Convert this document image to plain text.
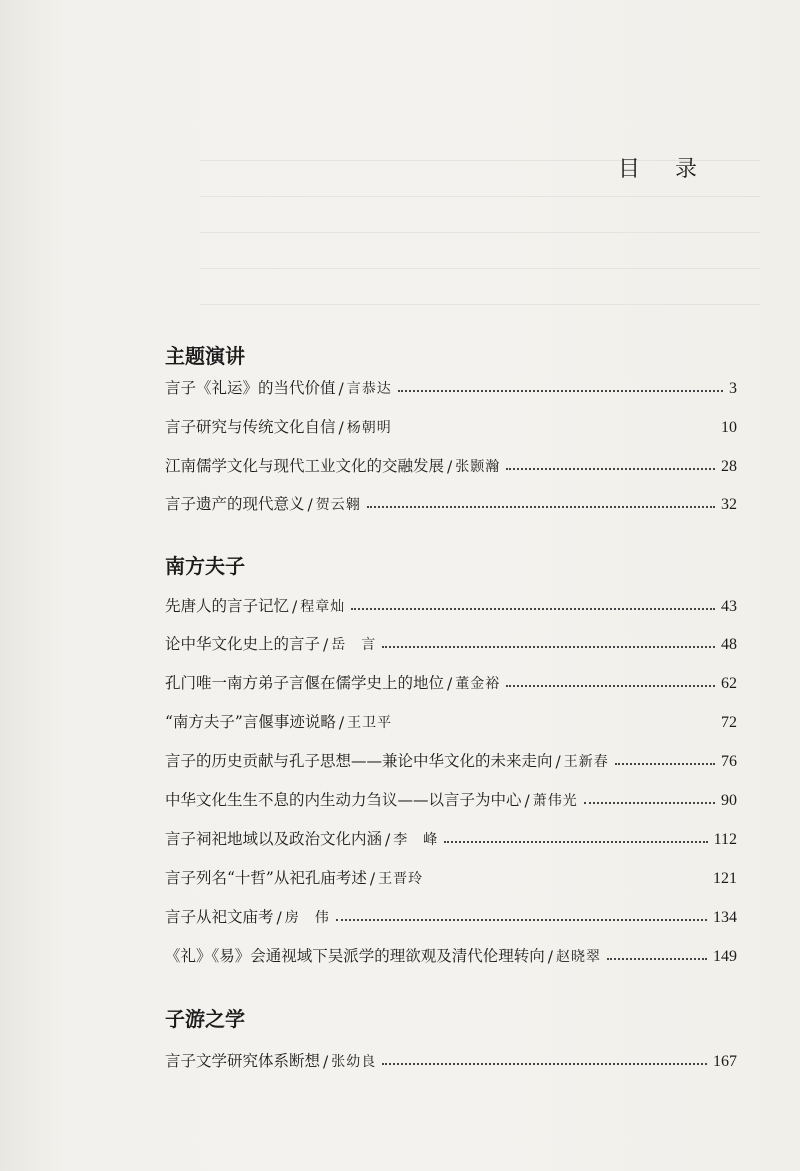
目 录
主题演讲
言子《礼运》的当代价值 / 言恭达	3
言子研究与传统文化自信 / 杨朝明	10
江南儒学文化与现代工业文化的交融发展 / 张颢瀚	28
言子遗产的现代意义 / 贺云翱	32
南方夫子
先唐人的言子记忆 / 程章灿	43
论中华文化史上的言子 / 岳　言	48
孔门唯一南方弟子言偃在儒学史上的地位 / 董金裕	62
“南方夫子”言偃事迹说略 / 王卫平	72
言子的历史贡献与孔子思想——兼论中华文化的未来走向 / 王新春	76
中华文化生生不息的内生动力刍议——以言子为中心 / 萧伟光	90
言子祠祀地域以及政治文化内涵 / 李　峰	112
言子列名“十哲”从祀孔庙考述 / 王晋玲	121
言子从祀文庙考 / 房　伟	134
《礼》《易》会通视域下吴派学的理欲观及清代伦理转向 / 赵晓翠	149
子游之学
言子文学研究体系断想 / 张幼良	167
